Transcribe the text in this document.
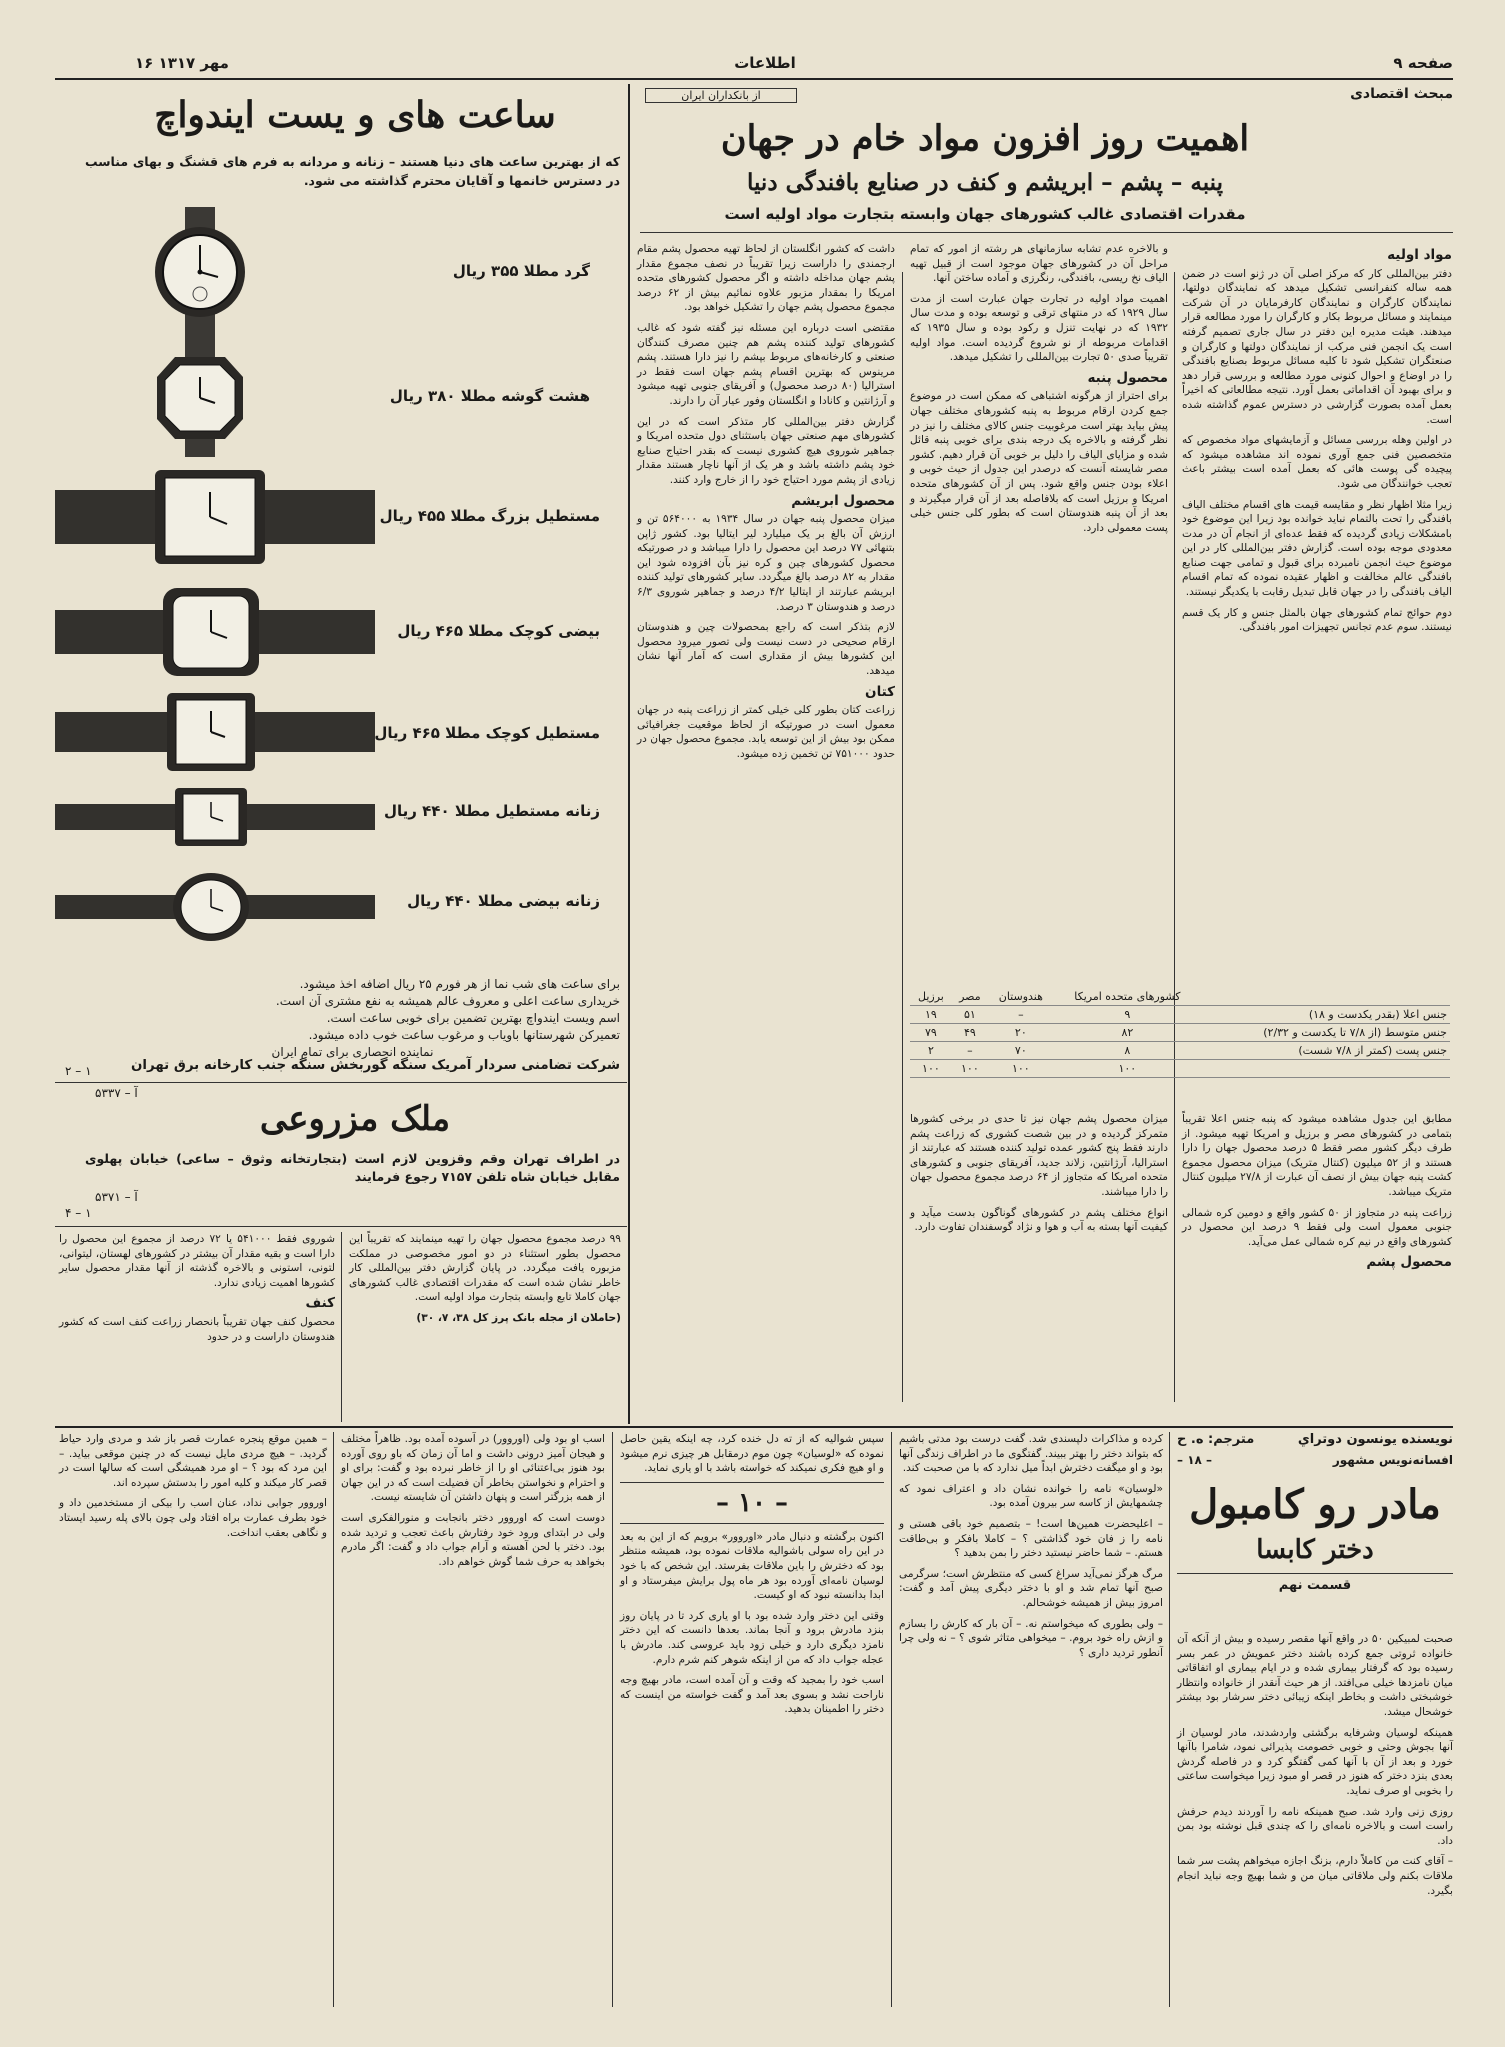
صفحه ۹
اطلاعات
۱۶ مهر ۱۳۱۷
مبحث اقتصادی
از بانکداران ایران
اهمیت روز افزون مواد خام در جهان
پنبه – پشم – ابریشم و کنف در صنایع بافندگی دنیا
مقدرات اقتصادی غالب کشورهای جهان وابسته بتجارت مواد اولیه است
مواد اولیه

دفتر بین‌المللی کار که مرکز اصلی آن در ژنو است در ضمن همه ساله کنفرانسی تشکیل میدهد که نمایندگان دولتها، نمایندگان کارگران و نمایندگان کارفرمایان در آن شرکت مینمایند و مسائل مربوط بکار و کارگران را مورد مطالعه قرار میدهند. هیئت مدیره این دفتر در سال جاری تصمیم گرفته است یک انجمن فنی مرکب از نمایندگان دولتها و کارگران و صنعتگران تشکیل شود تا کلیه مسائل مربوط بصنایع بافندگی را در اوضاع و احوال کنونی مورد مطالعه و بررسی قرار دهد و برای بهبود آن اقداماتی بعمل آورد. نتیجه مطالعاتی که اخیراً بعمل آمده بصورت گزارشی در دسترس عموم گذاشته شده است.

در اولین وهله بررسی مسائل و آزمایشهای مواد مخصوص که متخصصین فنی جمع آوری نموده اند مشاهده میشود که پیچیده گی پوست هائی که بعمل آمده است بیشتر باعث تعجب خوانندگان می شود.

زیرا مثلا اظهار نظر و مقایسه قیمت های اقسام مختلف الیاف بافندگی را تحت بالتمام نباید خوانده بود زیرا این موضوع خود بامشکلات زیادی گردیده که فقط عده‌ای از انجام آن در مدت معدودی موجه بوده است. گزارش دفتر بین‌المللی کار در این موضوع حیث انجمن نامبرده برای قبول و تمامی جهت صنایع بافندگی عالم مخالفت و اظهار عقیده نموده که تمام اقسام الیاف بافندگی را در جهان قابل تبدیل رقابت با یکدیگر نیستند.

دوم حوائج تمام کشورهای جهان بالمثل جنس و کار یک قسم نیستند. سوم عدم تجانس تجهیزات امور بافندگی.

و بالاخره عدم تشابه سازمانهای هر رشته از امور که تمام مراحل آن در کشورهای جهان موجود است از قبیل تهیه الیاف نخ ریسی، بافندگی، رنگرزی و آماده ساختن آنها.

اهمیت مواد اولیه در تجارت جهان عبارت است از مدت سال ۱۹۲۹ که در منتهای ترقی و توسعه بوده و مدت سال ۱۹۳۲ که در نهایت تنزل و رکود بوده و سال ۱۹۳۵ که اقدامات مربوطه از نو شروع گردیده است. مواد اولیه تقریباً صدی ۵۰ تجارت بین‌المللی را تشکیل میدهد.

محصول پنبه

برای احتراز از هرگونه اشتباهی که ممکن است در موضوع جمع کردن ارقام مربوط به پنبه کشورهای مختلف جهان پیش بیاید بهتر است مرغوبیت جنس کالای مختلف را نیز در نظر گرفته و بالاخره یک درجه بندی برای خوبی پنبه قائل شده و مزایای الیاف را دلیل بر خوبی آن قرار دهیم. کشور مصر شایسته آنست که درصدر این جدول از حیث خوبی و اعلاء بودن جنس واقع شود. پس از آن کشورهای متحده امریکا و برزیل است که بلافاصله بعد از آن قرار میگیرند و بعد از آن پنبه هندوستان است که بطور کلی جنس خیلی پست معمولی دارد.

	کشورهای متحده امریکا	هندوستان	مصر	برزیل
جنس اعلا (بقدر یکدست و ۱۸)	۹	–	۵۱	۱۹
جنس متوسط (از ۷/۸ تا یکدست و ۲/۳۲)	۸۲	۲۰	۴۹	۷۹
جنس پست (کمتر از ۷/۸ شست)	۸	۷۰	–	۲
	۱۰۰	۱۰۰	۱۰۰	۱۰۰

مطابق این جدول مشاهده میشود که پنبه جنس اعلا تقریباً بتمامی در کشورهای مصر و برزیل و امریکا تهیه میشود. از طرف دیگر کشور مصر فقط ۵ درصد محصول جهان را دارا هستند و از ۵۲ میلیون (کنتال متریک) میزان محصول مجموع کشت پنبه جهان بیش از نصف آن عبارت از ۲۷/۸ میلیون کنتال متریک میباشد.

زراعت پنبه در متجاوز از ۵۰ کشور واقع و دومین کره شمالی جنوبی معمول است ولی فقط ۹ درصد این محصول در کشورهای واقع در نیم کره شمالی عمل می‌آید.

محصول پشم

میزان محصول پشم جهان نیز تا حدی در برخی کشورها متمرکز گردیده و در بین شصت کشوری که زراعت پشم دارند فقط پنج کشور عمده تولید کننده هستند که عبارتند از استرالیا، آرژانتین، زلاند جدید، آفریقای جنوبی و کشورهای متحده امریکا که متجاوز از ۶۴ درصد مجموع محصول جهان را دارا میباشند.

انواع مختلف پشم در کشورهای گوناگون بدست میآید و کیفیت آنها بسته به آب و هوا و نژاد گوسفندان تفاوت دارد.

داشت که کشور انگلستان از لحاظ تهیه محصول پشم مقام ارجمندی را داراست زیرا تقریباً در نصف مجموع مقدار پشم جهان مداخله داشته و اگر محصول کشورهای متحده امریکا را بمقدار مزبور علاوه نمائیم بیش از ۶۲ درصد مجموع محصول پشم جهان را تشکیل خواهد بود.

مقتضی است درباره این مسئله نیز گفته شود که غالب کشورهای تولید کننده پشم هم چنین مصرف کنندگان صنعتی و کارخانه‌های مربوط بپشم را نیز دارا هستند. پشم مرینوس که بهترین اقسام پشم جهان است فقط در استرالیا (۸۰ درصد محصول) و آفریقای جنوبی تهیه میشود و آرژانتین و کانادا و انگلستان وفور عیار آن را دارند.

گزارش دفتر بین‌المللی کار متذکر است که در این کشورهای مهم صنعتی جهان باستثنای دول متحده امریکا و جماهیر شوروی هیچ کشوری نیست که بقدر احتیاج صنایع خود پشم داشته باشد و هر یک از آنها ناچار هستند مقدار زیادی از پشم مورد احتیاج خود را از خارج وارد کنند.

محصول ابریشم

میزان محصول پنبه جهان در سال ۱۹۳۴ به ۵۶۴۰۰۰ تن و ارزش آن بالغ بر یک میلیارد لیر ایتالیا بود. کشور ژاپن بتنهائی ۷۷ درصد این محصول را دارا میباشد و در صورتیکه محصول کشورهای چین و کره نیز بآن افزوده شود این مقدار به ۸۲ درصد بالغ میگردد. سایر کشورهای تولید کننده ابریشم عبارتند از ایتالیا ۴/۲ درصد و جماهیر شوروی ۶/۳ درصد و هندوستان ۳ درصد.

لازم بتذکر است که راجع بمحصولات چین و هندوستان ارقام صحیحی در دست نیست ولی تصور میرود محصول این کشورها بیش از مقداری است که آمار آنها نشان میدهد.

کتان

زراعت کتان بطور کلی خیلی کمتر از زراعت پنبه در جهان معمول است در صورتیکه از لحاظ موقعیت جغرافیائی ممکن بود بیش از این توسعه یابد. مجموع محصول جهان در حدود ۷۵۱۰۰۰ تن تخمین زده میشود.

ساعت های و یست ایندواچ
که از بهترین ساعت های دنیا هستند – زنانه و مردانه به فرم های قشنگ و بهای مناسب در دسترس خانمها و آقایان محترم گذاشته می شود.
گرد مطلا ۳۵۵ ریال
هشت گوشه مطلا ۳۸۰ ریال
مستطیل بزرگ مطلا ۴۵۵ ریال
بیضی کوچک مطلا ۴۶۵ ریال
مستطیل کوچک مطلا ۴۶۵ ریال
زنانه مستطیل مطلا ۴۴۰ ریال
زنانه بیضی مطلا ۴۴۰ ریال
برای ساعت های شب نما از هر فورم ۲۵ ریال اضافه اخذ میشود.
خریداری ساعت اعلی و معروف عالم همیشه به نفع مشتری آن است.
اسم ویست ایندواچ بهترین تضمین برای خوبی ساعت است.
تعمیرکن شهرستانها باویاب و مرغوب ساعت خوب داده میشود.
نماینده انحصاری برای تمام ایران
شرکت تضامنی سردار آمریک سنگه گوربخش سنگه جنب کارخانه برق تهران
آ – ۵۳۳۷
۱ – ۲
ملک مزروعی
در اطراف تهران وقم وقزوین لازم است (بتجارتخانه وثوق – ساعی) خیابان پهلوی مقابل خیابان شاه تلفن ۷۱۵۷ رجوع فرمایند
آ – ۵۳۷۱
۱ – ۴

۹۹ درصد مجموع محصول جهان را تهیه مینمایند که تقریباً این محصول بطور استثناء در دو امور مخصوصی در مملکت مزبوره یافت میگردد. در پایان گزارش دفتر بین‌المللی کار خاطر نشان شده است که مقدرات اقتصادی غالب کشورهای جهان کاملا تابع وابسته بتجارت مواد اولیه است.

(حاملان از مجله بانک پرز کل ۳۸، ۷، ۳۰)

شوروی فقط ۵۴۱۰۰۰ یا ۷۲ درصد از مجموع این محصول را دارا است و بقیه مقدار آن بیشتر در کشورهای لهستان، لیتوانی، لتونی، استونی و بالاخره گذشته از آنها مقدار محصول سایر کشورها اهمیت زیادی ندارد.

کنف

محصول کنف جهان تقریباً بانحصار زراعت کنف است که کشور هندوستان داراست و در حدود

نویسنده یونسون دوتراي
مترجم: ه. ح
افسانه‌نویس مشهور
– ۱۸ –
مادر رو کامبول
دختر کابسا
قسمت نهم

صحبت لمبیکین ۵۰ در واقع آنها مقصر رسیده و بیش از آنکه آن خانواده ثروتی جمع کرده باشند دختر عمویش در عمر بسر رسیده بود که گرفتار بیماری شده و در ایام بیماری او اتفاقاتی میان نامزدها خیلی می‌افتد. از هر حیث آنقدر از خانواده وانتظار خوشبختی داشت و بخاطر اینکه زیبائی دختر سرشار بود بیشتر خوشحال میشد.

همینکه لوسیان وشرفایه برگشتی واردشدند، مادر لوسیان از آنها بجوش وحتی و خوبی خصومت پذیرائی نمود، شامرا باآنها خورد و بعد از آن با آنها کمی گفتگو کرد و در فاصله گردش بعدی بنزد دختر که هنوز در قصر او مبود زیرا میخواست ساعتی را بخوبی او صرف نماید.

روزی زنی وارد شد. صبح همینکه نامه را آوردند دیدم حرفش راست است و بالاخره نامه‌ای را که چندی قبل نوشته بود بمن داد.

– آقای کنت من کاملاً دارم، بزنگ اجازه میخواهم پشت سر شما ملاقات بکنم ولی ملاقاتی میان من و شما بهیچ وجه نباید انجام بگیرد.

کرده و مذاکرات دلپسندی شد. گفت درست بود مدتی باشیم که بتواند دختر را بهتر ببیند. گفتگوی ما در اطراف زندگی آنها بود و او میگفت دخترش ابداً میل ندارد که با من صحبت کند.

«لوسیان» نامه را خوانده نشان داد و اعتراف نمود که چشمهایش از کاسه سر بیرون آمده بود.

– اعلیحضرت همین‌ها است! – بتصمیم خود باقی هستی و نامه را ز فان خود گذاشتی ؟ – کاملا بافکر و بی‌طاقت هستم. – شما حاضر نیستید دختر را بمن بدهید ؟

مرگ هرگز نمی‌آید سراغ کسی که منتظرش است؛ سرگرمی صبح آنها تمام شد و او با دختر دیگری پیش آمد و گفت: امروز بیش از همیشه خوشحالم.

– ولی بطوری که میخواستم نه. – آن بار که کارش را بسازم و ازش راه خود بروم. – میخواهی متاثر شوی ؟ – نه ولی چرا آنطور تردید داری ؟

سپس شوالیه که از ته دل خنده کرد، چه اینکه یقین حاصل نموده که «لوسیان» چون موم درمقابل هر چیزی نرم میشود و او هیچ فکری نمیکند که خواسته باشد با او یاری نماید.

– ۱۰ –

اکنون برگشته و دنبال مادر «اوروور» برویم که از این به بعد در این راه سولی باشوالیه ملاقات نموده بود، همیشه منتظر بود که دخترش را باین ملاقات بفرستد. این شخص که با خود لوسیان نامه‌ای آورده بود هر ماه پول برایش میفرستاد و او ابدا بدانسته نبود که او کیست.

وقتی این دختر وارد شده بود با او یاری کرد تا در پایان روز بنزد مادرش برود و آنجا بماند. بعدها دانست که این دختر نامزد دیگری دارد و خیلی زود باید عروسی کند. مادرش با عجله جواب داد که من از اینکه شوهر کنم شرم دارم.

اسب خود را بمجید که وقت و آن آمده است، مادر بهیچ وجه ناراحت نشد و بسوی بعد آمد و گفت خواسته من اینست که دختر را اطمینان بدهید.

اسب او بود ولی (اوروور) در آسوده آمده بود. ظاهراً مختلف و هیجان آمیز درونی داشت و اما آن زمان که باو روی آورده بود هنوز بی‌اعتنائی او را از خاطر نبرده بود و گفت: برای او و احترام و نخواستن بخاطر آن فضیلت است که در این جهان از همه بزرگتر است و پنهان داشتن آن شایسته نیست.

دوست است که اوروور دختر بانجابت و منورالفکری است ولی در ابتدای ورود خود رفتارش باعث تعجب و تردید شده بود. دختر با لحن آهسته و آرام جواب داد و گفت: اگر مادرم بخواهد به حرف شما گوش خواهم داد.

– همین موقع پنجره عمارت قصر باز شد و مردی وارد حیاط گردید. – هیچ مردی مایل نیست که در چنین موقعی بیاید. – این مرد که بود ؟ – او مرد همیشگی است که سالها است در قصر کار میکند و کلیه امور را بدستش سپرده اند.

اوروور جوابی نداد، عنان اسب را بیکی از مستخدمین داد و خود بطرف عمارت براه افتاد ولی چون بالای پله رسید ایستاد و نگاهی بعقب انداخت.
